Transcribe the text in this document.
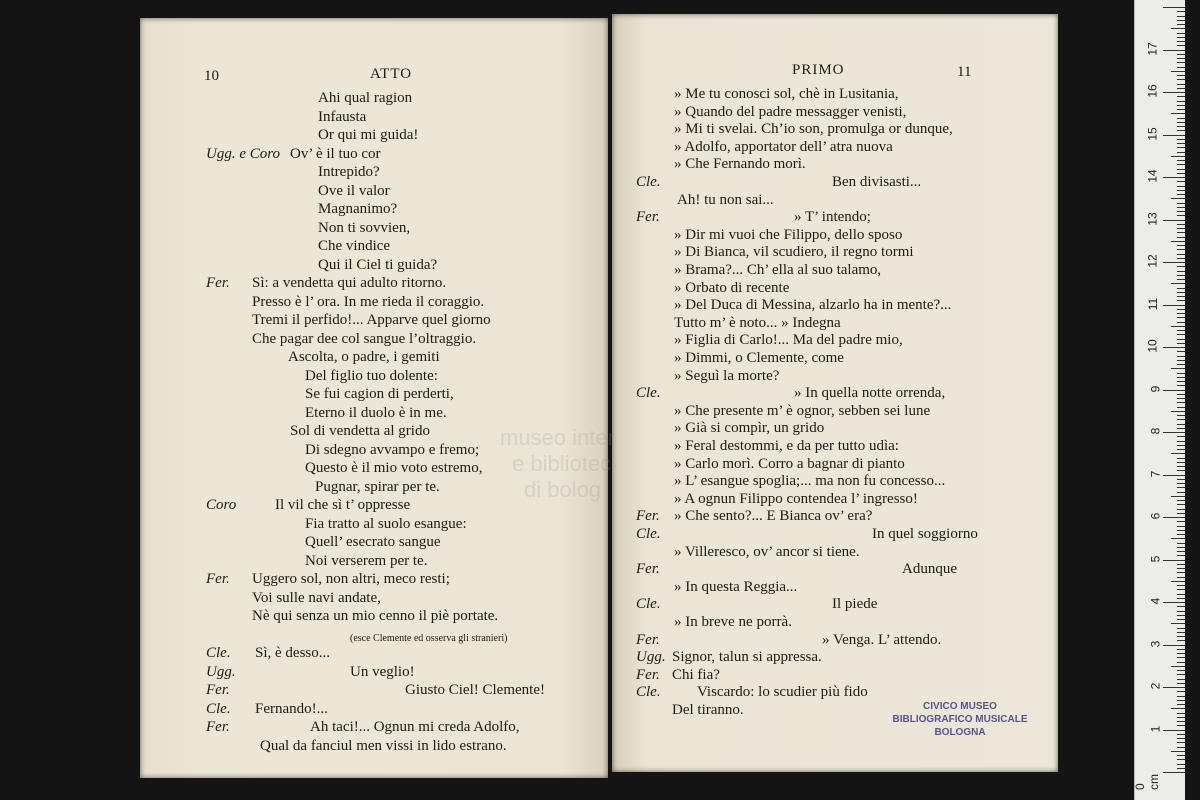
10	ATTO
Ahi qual ragion
Infausta
Or qui mi guida!
Ugg. e Coro Ov’ è il tuo cor
Intrepido?
Ove il valor
Magnanimo?
Non ti sovvien,
Che vindice
Qui il Ciel ti guida?
Fer. Sì: a vendetta qui adulto ritorno.
Presso è l’ ora. In me rieda il coraggio.
Tremi il perfido!... Apparve quel giorno
Che pagar dee col sangue l’oltraggio.
Ascolta, o padre, i gemiti
Del figlio tuo dolente:
Se fui cagion di perderti,
Eterno il duolo è in me.
Sol di vendetta al grido
Di sdegno avvampo e fremo;
Questo è il mio voto estremo,
Pugnar, spirar per te.
Coro	Il vil che sì t’ oppresse
Fia tratto al suolo esangue:
Quell’ esecrato sangue
Noi verserem per te.
Fer. Uggero sol, non altri, meco resti;
Voi sulle navi andate,
Nè qui senza un mio cenno il piè portate.
(esce Clemente ed osserva gli stranieri)
Cle. Sì, è desso...
Ugg.	Un veglio!
Fer.	Giusto Ciel! Clemente!
Cle. Fernando!...
Fer.	Ah taci!... Ognun mi creda Adolfo,
Qual da fanciul men vissi in lido estrano.
PRIMO	11
» Me tu conosci sol, chè in Lusitania,
» Quando del padre messagger venisti,
» Mi ti svelai. Ch’io son, promulga or dunque,
» Adolfo, apportator dell’ atra nuova
» Che Fernando morì.
Cle.	Ben divisasti...
Ah! tu non sai...
Fer.	» T’ intendo;
» Dir mi vuoi che Filippo, dello sposo
» Di Bianca, vil scudiero, il regno tormi
» Brama?... Ch’ ella al suo talamo,
» Orbato di recente
» Del Duca di Messina, alzarlo ha in mente?...
Tutto m’ è noto... » Indegna
» Figlia di Carlo!... Ma del padre mio,
» Dimmi, o Clemente, come
» Seguì la morte?
Cle.	» In quella notte orrenda,
» Che presente m’ è ognor, sebben sei lune
» Già si compìr, un grido
» Feral destommi, e da per tutto udìa:
» Carlo morì. Corro a bagnar di pianto
» L’ esangue spoglia;... ma non fu concesso...
» A ognun Filippo contendea l’ ingresso!
Fer. » Che sento?... E Bianca ov’ era?
Cle.	In quel soggiorno
» Villeresco, ov’ ancor si tiene.
Fer.	Adunque
» In questa Reggia...
Cle.	Il piede
» In breve ne porrà.
Fer.	» Venga. L’ attendo.
Ugg. Signor, talun si appressa.
Fer. Chi fia?
Cle. Viscardo: lo scudier più fido
Del tiranno.
museo inter
e bibliotec
di bolog
CIVICO MUSEO
BIBLIOGRAFICO MUSICALE
BOLOGNA
0 cm
1
2
3
4
5
6
7
8
9
10
11
12
13
14
15
16
17
